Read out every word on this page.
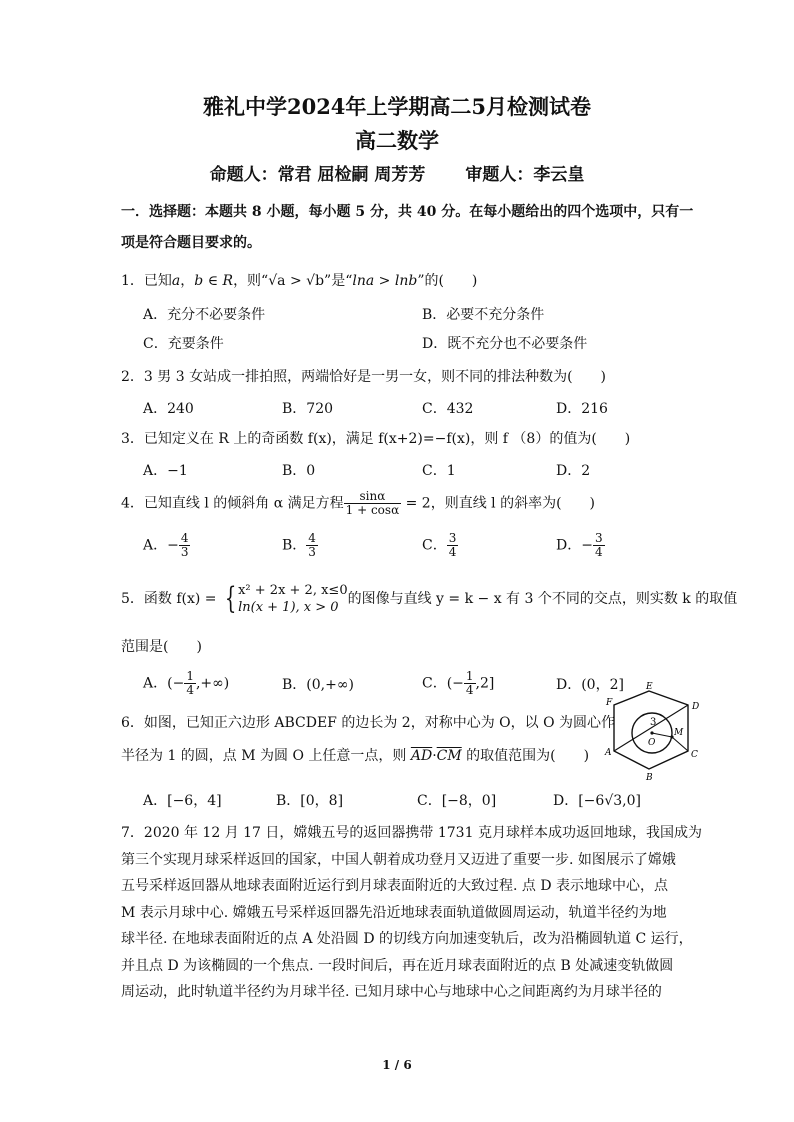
雅礼中学2024年上学期高二5月检测试卷
高二数学
命题人：常君 屈检嗣 周芳芳 审题人：李云皇
一．选择题：本题共 8 小题，每小题 5 分，共 40 分。在每小题给出的四个选项中，只有一
项是符合题目要求的。
1．已知a，b ∈ R，则“√a > √b”是“lna > lnb”的(　　)
A．充分不必要条件	B．必要不充分条件
C．充要条件	D．既不充分也不必要条件
2．3 男 3 女站成一排拍照，两端恰好是一男一女，则不同的排法种数为(　　)
A．240	B．720	C．432	D．216
3．已知定义在 R 上的奇函数 f(x)，满足 f(x+2)=−f(x)，则 f （8）的值为(　　)
A．−1	B．0	C．1	D．2
4．已知直线 l 的倾斜角 α 满足方程 $\frac{\sin\alpha}{1 + \cos\alpha} = 2$，则直线 l 的斜率为(　　)
A．− $\frac{4}{3}$	B． $\frac{4}{3}$	C． $\frac{3}{4}$	D．− $\frac{3}{4}$
5．函数 f(x) = { x² + 2x + 2, x≤0
ln(x + 1), x > 0
的图像与直线 y = k − x 有 3 个不同的交点，则实数 k 的取值
范围是(　　)
A．(− $\frac{1}{4}$ ,+∞)	B．(0,+∞)	C．(− $\frac{1}{4} ,2$]	D．(0，2]
6．如图，已知正六边形 ABCDEF 的边长为 2，对称中心为 O，以 O 为圆心作
半径为 1 的圆，点 M 为圆 O 上任意一点，则 $\overline{AD}\cdot\overline{CM}$ 的取值范围为(　　)
A．[−6，4]	B．[0，8]	C．[−8，0]	D．[−6√3,0]
A
B
C
D
E
F
O
M
3
7．2020 年 12 月 17 日，嫦娥五号的返回器携带 1731 克月球样本成功返回地球，我国成为
第三个实现月球采样返回的国家，中国人朝着成功登月又迈进了重要一步. 如图展示了嫦娥
五号采样返回器从地球表面附近运行到月球表面附近的大致过程. 点 D 表示地球中心，点
M 表示月球中心. 嫦娥五号采样返回器先沿近地球表面轨道做圆周运动，轨道半径约为地
球半径. 在地球表面附近的点 A 处沿圆 D 的切线方向加速变轨后，改为沿椭圆轨道 C 运行，
并且点 D 为该椭圆的一个焦点. 一段时间后，再在近月球表面附近的点 B 处减速变轨做圆
周运动，此时轨道半径约为月球半径. 已知月球中心与地球中心之间距离约为月球半径的
1 / 6
